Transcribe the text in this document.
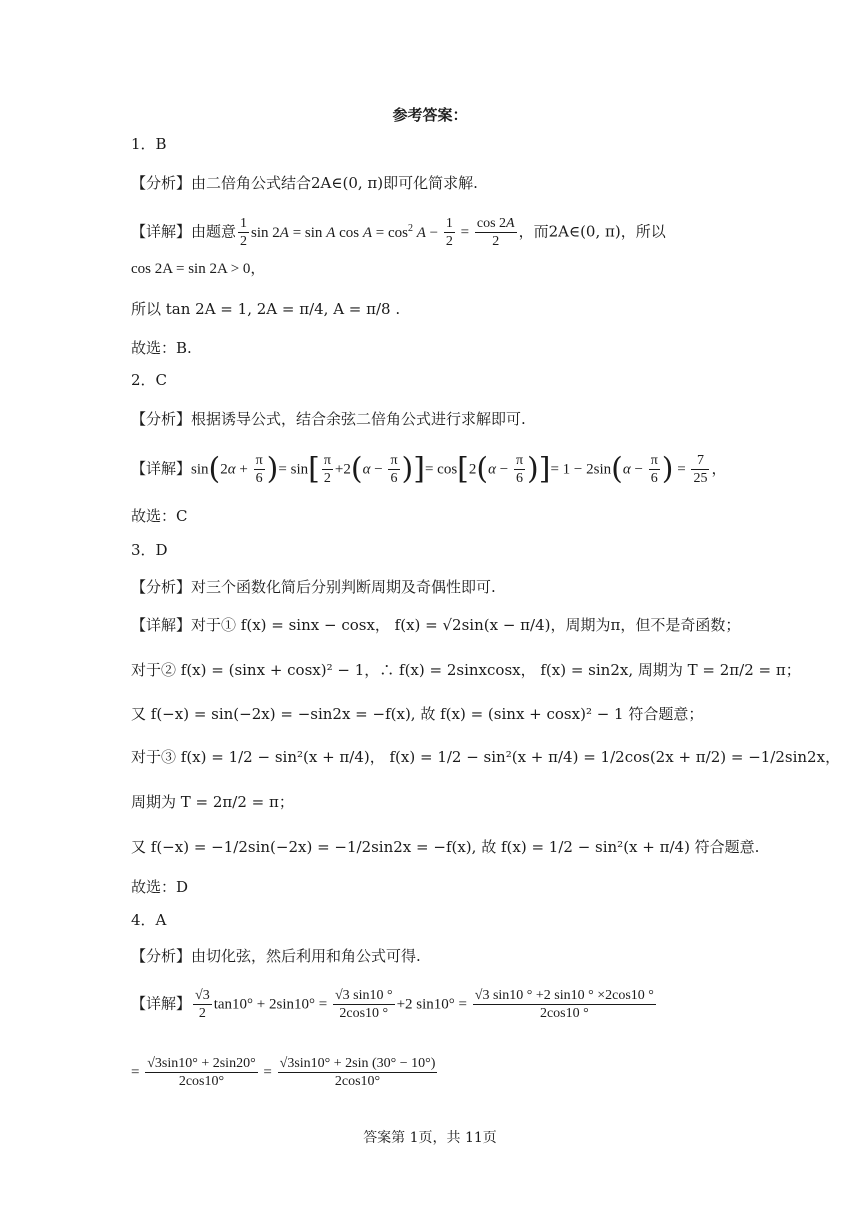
参考答案：
1．B
【分析】由二倍角公式结合2A∈(0, π)即可化简求解.
【详解】由题意 $\frac{1}{2}$ sin 2A = sin A $\cos A = \cos^2 A - \frac{1}{2} = \frac{\cos 2A}{2}$ ，而2A∈(0, π)，所以
cos 2A = sin 2A > 0，
所以 tan 2A = 1, 2A = π/4, A = π/8 .
故选：B.
2．C
【分析】根据诱导公式，结合余弦二倍角公式进行求解即可.
【详解】$\sin(2\alpha + \frac{\pi}{6}$ )= $\sin[ \frac{\pi}{2} +2(\alpha - \frac{\pi}{6}$ )]= $\cos[2(\alpha - \frac{\pi}{6}$ )]= $1 - 2\sin(\alpha - \frac{\pi}{6}$ ) = $\frac{7}{25}$ ，
故选：C
3．D
【分析】对三个函数化简后分别判断周期及奇偶性即可.
【详解】对于① f(x) = sinx − cosx， f(x) = √2sin(x − π/4)，周期为π，但不是奇函数；
对于② f(x) = (sinx + cosx)² − 1，∴ f(x) = 2sinxcosx， f(x) = sin2x, 周期为 T = 2π/2 = π；
又 f(−x) = sin(−2x) = −sin2x = −f(x), 故 f(x) = (sinx + cosx)² − 1 符合题意；
对于③ f(x) = 1/2 − sin²(x + π/4)， f(x) = 1/2 − sin²(x + π/4) = 1/2cos(2x + π/2) = −1/2sin2x，
周期为 T = 2π/2 = π；
又 f(−x) = −1/2sin(−2x) = −1/2sin2x = −f(x), 故 f(x) = 1/2 − sin²(x + π/4) 符合题意.
故选：D
4．A
【分析】由切化弦，然后利用和角公式可得.
【详解】 $\frac{√3}{2} \tan 10^\circ + 2\sin 10^\circ = \frac{√3 \sin 10 ^\circ}{2\cos 10 ^\circ} +2$ $\sin 10^\circ = \frac{√3 \sin 10 ^\circ +2 \sin 10 ^\circ \times 2\cos 10 ^\circ}{2\cos 10 ^\circ}$
= $\frac{√3\sin 10^\circ + 2\sin 20^\circ}{2\cos 10^\circ} = \frac{√3\sin 10^\circ + 2\sin (30^\circ - 10^\circ)}{2\cos 10^\circ}$
答案第 1页，共 11页
